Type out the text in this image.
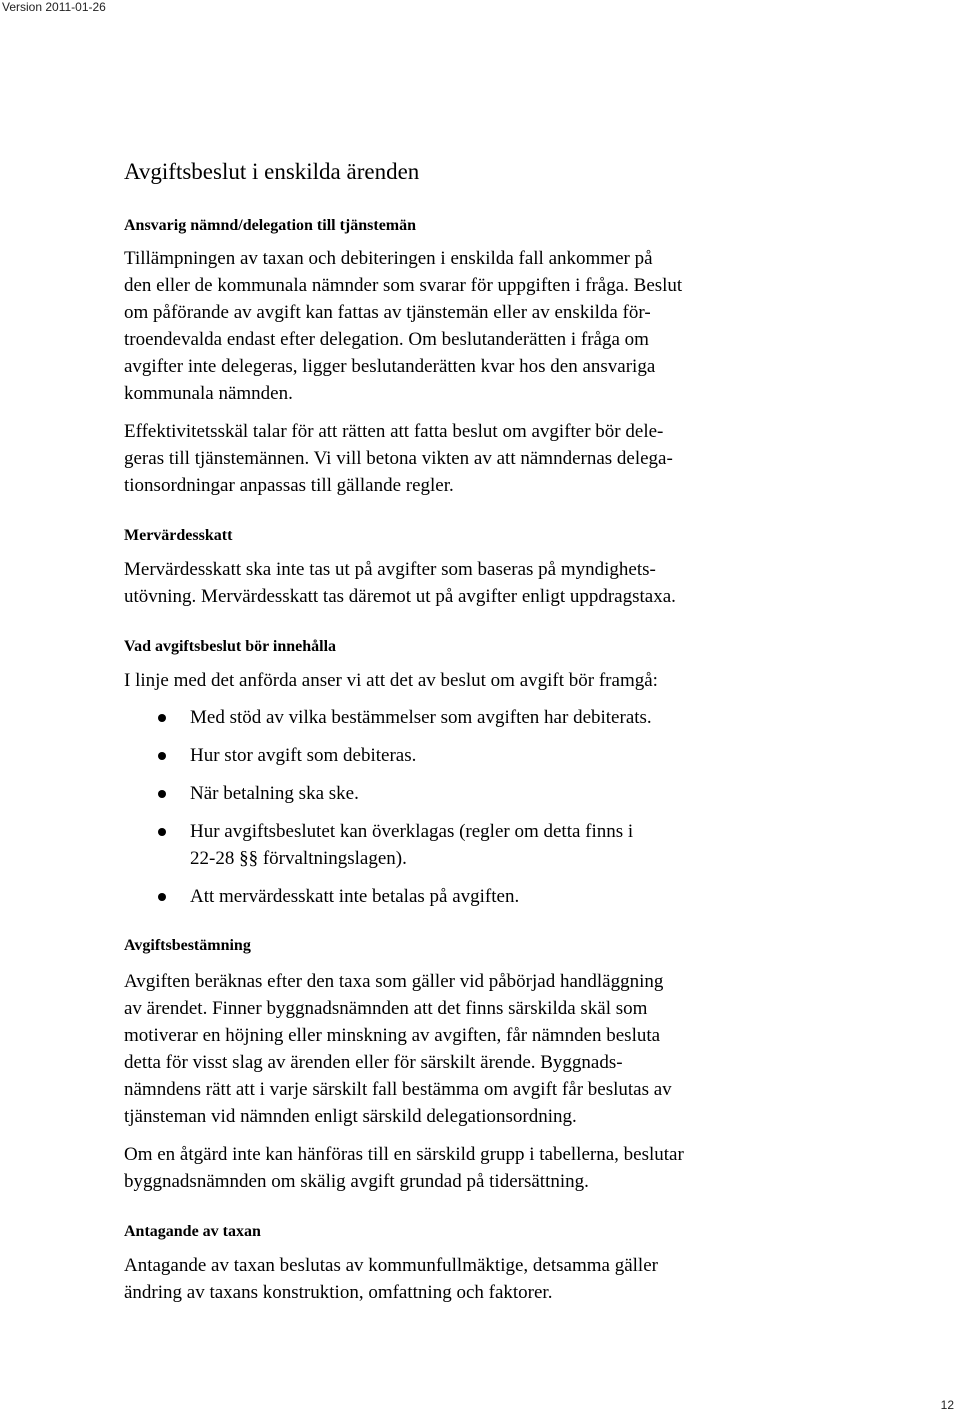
Version 2011-01-26
Avgiftsbeslut i enskilda ärenden
Ansvarig nämnd/delegation till tjänstemän
Tillämpningen av taxan och debiteringen i enskilda fall ankommer på
den eller de kommunala nämnder som svarar för uppgiften i fråga. Beslut
om påförande av avgift kan fattas av tjänstemän eller av enskilda för-
troendevalda endast efter delegation. Om beslutanderätten i fråga om
avgifter inte delegeras, ligger beslutanderätten kvar hos den ansvariga
kommunala nämnden.
Effektivitetsskäl talar för att rätten att fatta beslut om avgifter bör dele-
geras till tjänstemännen. Vi vill betona vikten av att nämndernas delega-
tionsordningar anpassas till gällande regler.
Mervärdesskatt
Mervärdesskatt ska inte tas ut på avgifter som baseras på myndighets-
utövning. Mervärdesskatt tas däremot ut på avgifter enligt uppdragstaxa.
Vad avgiftsbeslut bör innehålla
I linje med det anförda anser vi att det av beslut om avgift bör framgå:
Med stöd av vilka bestämmelser som avgiften har debiterats.
Hur stor avgift som debiteras.
När betalning ska ske.
Hur avgiftsbeslutet kan överklagas (regler om detta finns i
22-28 §§ förvaltningslagen).
Att mervärdesskatt inte betalas på avgiften.
Avgiftsbestämning
Avgiften beräknas efter den taxa som gäller vid påbörjad handläggning
av ärendet. Finner byggnadsnämnden att det finns särskilda skäl som
motiverar en höjning eller minskning av avgiften, får nämnden besluta
detta för visst slag av ärenden eller för särskilt ärende. Byggnads-
nämndens rätt att i varje särskilt fall bestämma om avgift får beslutas av
tjänsteman vid nämnden enligt särskild delegationsordning.
Om en åtgärd inte kan hänföras till en särskild grupp i tabellerna, beslutar
byggnadsnämnden om skälig avgift grundad på tidersättning.
Antagande av taxan
Antagande av taxan beslutas av kommunfullmäktige, detsamma gäller
ändring av taxans konstruktion, omfattning och faktorer.
12
